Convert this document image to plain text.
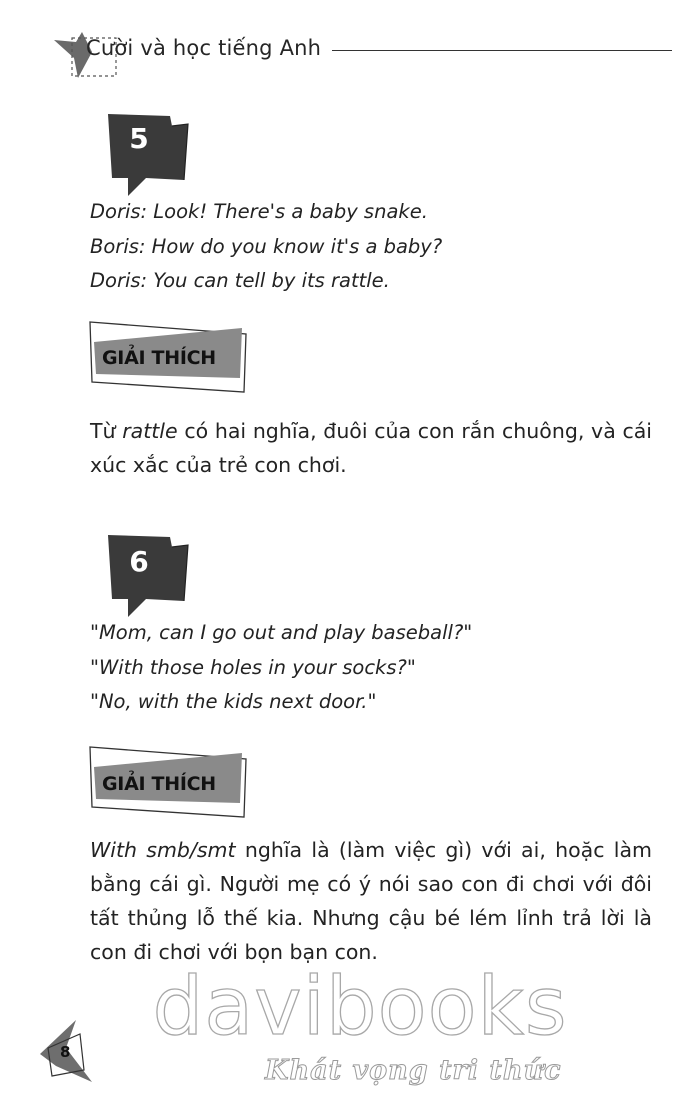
Cười và học tiếng Anh
5
Doris: Look! There's a baby snake.
Boris: How do you know it's a baby?
Doris: You can tell by its rattle.
GIẢI THÍCH
Từ rattle có hai nghĩa, đuôi của con rắn chuông, và cái xúc xắc của trẻ con chơi.
6
"Mom, can I go out and play baseball?"
"With those holes in your socks?"
"No, with the kids next door."
GIẢI THÍCH
With smb/smt nghĩa là (làm việc gì) với ai, hoặc làm bằng cái gì. Người mẹ có ý nói sao con đi chơi với đôi tất thủng lỗ thế kia. Nhưng cậu bé lém lỉnh trả lời là con đi chơi với bọn bạn con.
davibooks
Khát vọng tri thức
8
